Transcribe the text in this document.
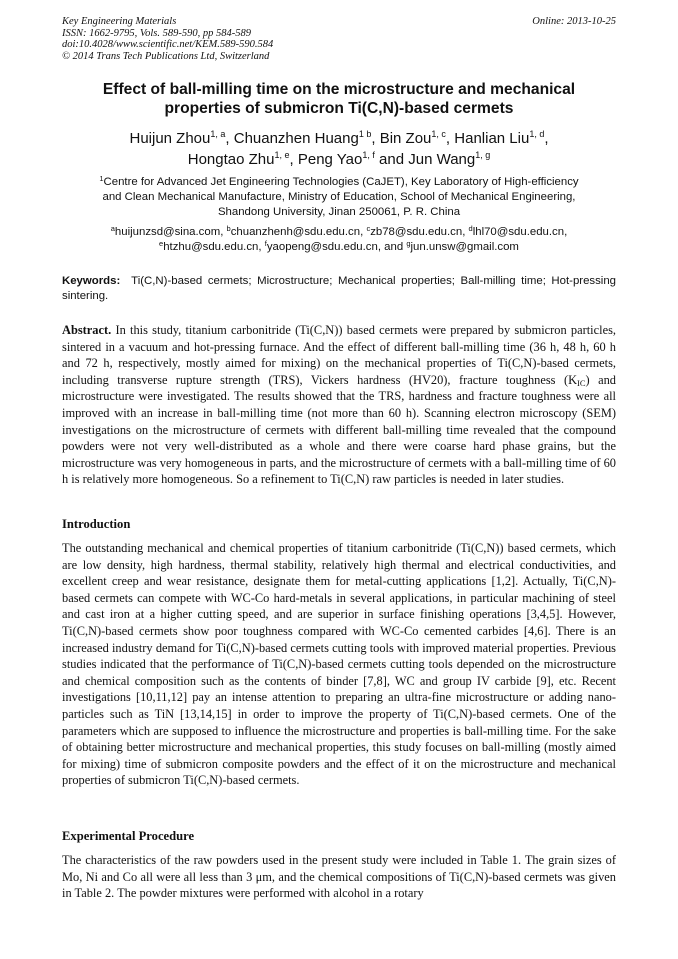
Key Engineering Materials
ISSN: 1662-9795, Vols. 589-590, pp 584-589
doi:10.4028/www.scientific.net/KEM.589-590.584
© 2014 Trans Tech Publications Ltd, Switzerland
Online: 2013-10-25
Effect of ball-milling time on the microstructure and mechanical
properties of submicron Ti(C,N)-based cermets
Huijun Zhou$^{1, a}$, Chuanzhen Huang$^{1 b}$, Bin Zou$^{1, c}$, Hanlian Liu$^{1, d}$,
Hongtao Zhu$^{1, e}$, Peng Yao$^{1, f}$ and Jun Wang$^{1, g}$
$^1$Centre for Advanced Jet Engineering Technologies (CaJET), Key Laboratory of High-efficiency
and Clean Mechanical Manufacture, Ministry of Education, School of Mechanical Engineering,
Shandong University, Jinan 250061, P. R. China
$^a$huijunzsd@sina.com, $^b$chuanzhenh@sdu.edu.cn, $^c$zb78@sdu.edu.cn, $^d$lhl70@sdu.edu.cn,
$^e$htzhu@sdu.edu.cn, $^f$yaopeng@sdu.edu.cn, and $^g$jun.unsw@gmail.com
Keywords: Ti(C,N)-based cermets; Microstructure; Mechanical properties; Ball-milling time; Hot-pressing sintering.
Abstract. In this study, titanium carbonitride (Ti(C,N)) based cermets were prepared by submicron particles, sintered in a vacuum and hot-pressing furnace. And the effect of different ball-milling time (36 h, 48 h, 60 h and 72 h, respectively, mostly aimed for mixing) on the mechanical properties of Ti(C,N)-based cermets, including transverse rupture strength (TRS), Vickers hardness (HV20), fracture toughness $(K_{IC})$ and microstructure were investigated. The results showed that the TRS, hardness and fracture toughness were all improved with an increase in ball-milling time (not more than 60 h). Scanning electron microscopy (SEM) investigations on the microstructure of cermets with different ball-milling time revealed that the compound powders were not very well-distributed as a whole and there were coarse hard phase grains, but the microstructure was very homogeneous in parts, and the microstructure of cermets with a ball-milling time of 60 h is relatively more homogeneous. So a refinement to Ti(C,N) raw particles is needed in later studies.
Introduction
The outstanding mechanical and chemical properties of titanium carbonitride (Ti(C,N)) based cermets, which are low density, high hardness, thermal stability, relatively high thermal and electrical conductivities, and excellent creep and wear resistance, designate them for metal-cutting applications [1,2]. Actually, Ti(C,N)-based cermets can compete with WC-Co hard-metals in several applications, in particular machining of steel and cast iron at a higher cutting speed, and are superior in surface finishing operations [3,4,5]. However, Ti(C,N)-based cermets show poor toughness compared with WC-Co cemented carbides [4,6]. There is an increased industry demand for Ti(C,N)-based cermets cutting tools with improved material properties. Previous studies indicated that the performance of Ti(C,N)-based cermets cutting tools depended on the microstructure and chemical composition such as the contents of binder [7,8], WC and group IV carbide [9], etc. Recent investigations [10,11,12] pay an intense attention to preparing an ultra-fine microstructure or adding nano-particles such as TiN [13,14,15] in order to improve the property of Ti(C,N)-based cermets. One of the parameters which are supposed to influence the microstructure and properties is ball-milling time. For the sake of obtaining better microstructure and mechanical properties, this study focuses on ball-milling (mostly aimed for mixing) time of submicron composite powders and the effect of it on the microstructure and mechanical properties of submicron Ti(C,N)-based cermets.
Experimental Procedure
The characteristics of the raw powders used in the present study were included in Table 1. The grain sizes of Mo, Ni and Co all were all less than 3 μm, and the chemical compositions of Ti(C,N)-based cermets was given in Table 2. The powder mixtures were performed with alcohol in a rotary
